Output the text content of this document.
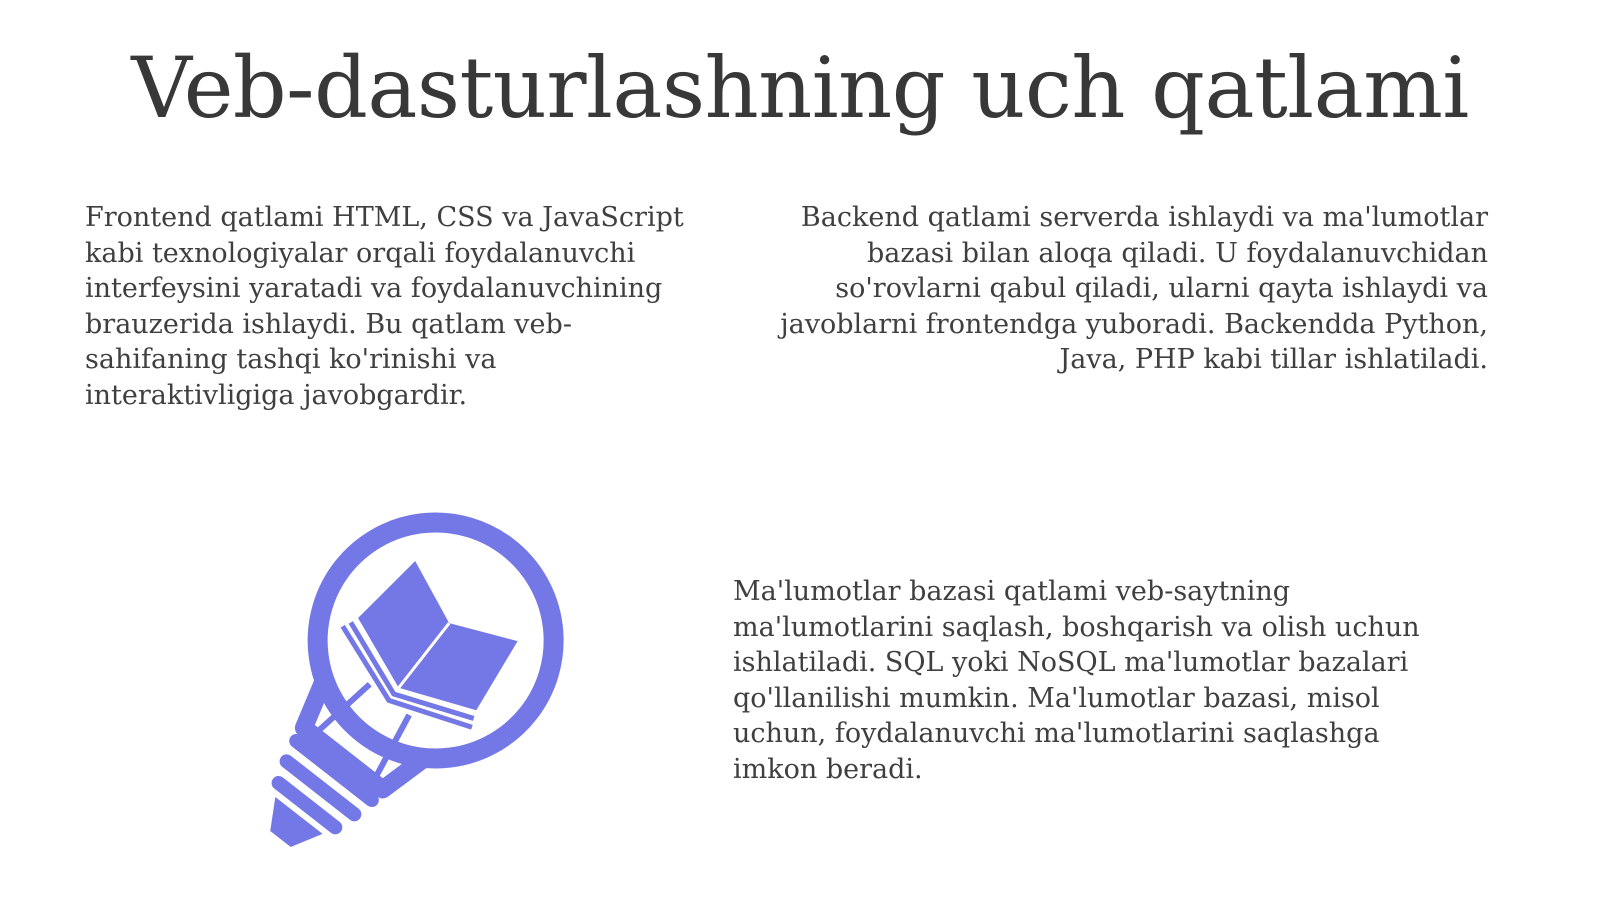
Veb-dasturlashning uch qatlami

Frontend qatlami HTML, CSS va JavaScript kabi texnologiyalar orqali foydalanuvchi interfeysini yaratadi va foydalanuvchining brauzerida ishlaydi. Bu qatlam veb-sahifaning tashqi ko'rinishi va interaktivligiga javobgardir.

Backend qatlami serverda ishlaydi va ma'lumotlar bazasi bilan aloqa qiladi. U foydalanuvchidan so'rovlarni qabul qiladi, ularni qayta ishlaydi va javoblarni frontendga yuboradi. Backendda Python, Java, PHP kabi tillar ishlatiladi.

Ma'lumotlar bazasi qatlami veb-saytning ma'lumotlarini saqlash, boshqarish va olish uchun ishlatiladi. SQL yoki NoSQL ma'lumotlar bazalari qo'llanilishi mumkin. Ma'lumotlar bazasi, misol uchun, foydalanuvchi ma'lumotlarini saqlashga imkon beradi.
